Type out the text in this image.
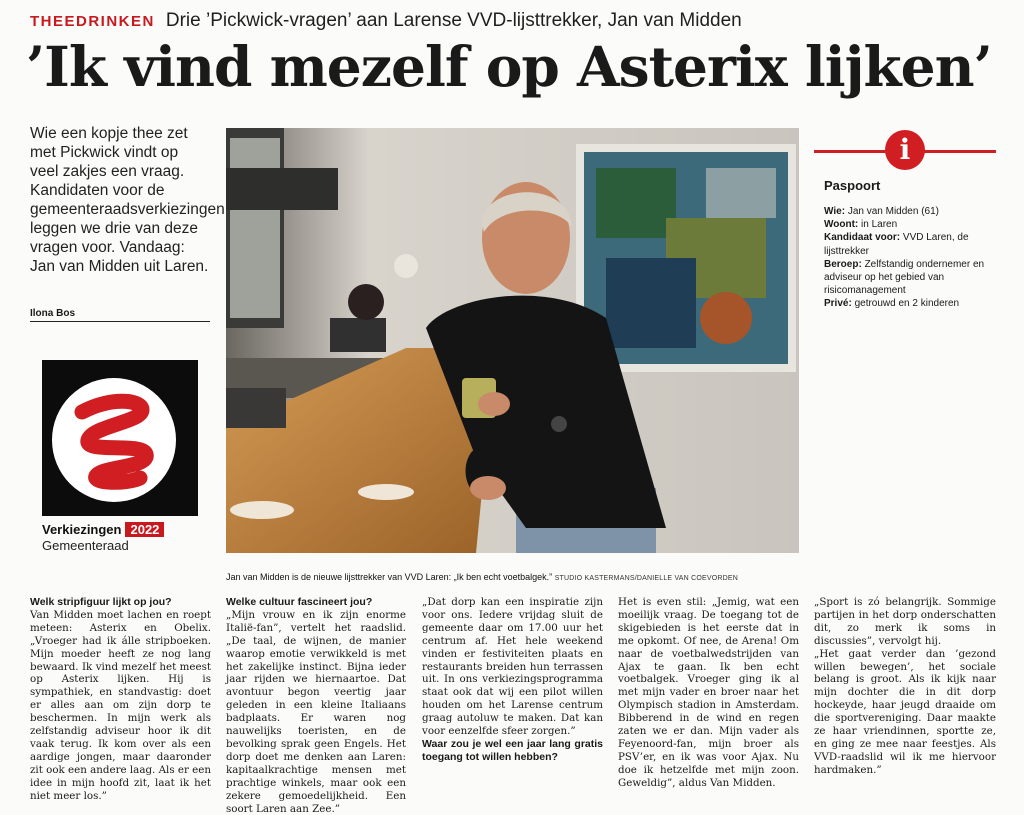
THEEDRINKEN Drie ’Pickwick-vragen’ aan Larense VVD-lijsttrekker, Jan van Midden
’Ik vind mezelf op Asterix lijken’
Wie een kopje thee zet met Pickwick vindt op veel zakjes een vraag. Kandidaten voor de gemeenteraadsverkiezingen leggen we drie van deze vragen voor. Vandaag: Jan van Midden uit Laren.
Ilona Bos
Verkiezingen 2022
Gemeenteraad
Jan van Midden is de nieuwe lijsttrekker van VVD Laren: „Ik ben echt voetbalgek.” STUDIO KASTERMANS/DANIELLE VAN COEVORDEN
i
Paspoort
Wie: Jan van Midden (61)
Woont: in Laren
Kandidaat voor: VVD Laren, de lijsttrekker
Beroep: Zelfstandig ondernemer en adviseur op het gebied van risicomanagement
Privé: getrouwd en 2 kinderen

Welk stripfiguur lijkt op jou?

Van Midden moet lachen en roept meteen: Asterix en Obelix. „Vroeger had ik álle stripboeken. Mijn moeder heeft ze nog lang bewaard. Ik vind mezelf het meest op Asterix lijken. Hij is sympathiek, en standvastig: doet er alles aan om zijn dorp te beschermen. In mijn werk als zelfstandig adviseur hoor ik dit vaak terug. Ik kom over als een aardige jongen, maar daaronder zit ook een andere laag. Als er een idee in mijn hoofd zit, laat ik het niet meer los.”

Welke cultuur fascineert jou?

„Mijn vrouw en ik zijn enorme Italië-fan”, vertelt het raadslid. „De taal, de wijnen, de manier waarop emotie verwikkeld is met het zakelijke instinct. Bijna ieder jaar rijden we hiernaartoe. Dat avontuur begon veertig jaar geleden in een kleine Italiaans badplaats. Er waren nog nauwelijks toeristen, en de bevolking sprak geen Engels. Het dorp doet me denken aan Laren: kapitaalkrachtige mensen met prachtige winkels, maar ook een zekere gemoedelijkheid. Een soort Laren aan Zee.”

„Dat dorp kan een inspiratie zijn voor ons. Iedere vrijdag sluit de gemeente daar om 17.00 uur het centrum af. Het hele weekend vinden er festiviteiten plaats en restaurants breiden hun terrassen uit. In ons verkiezingsprogramma staat ook dat wij een pilot willen houden om het Larense centrum graag autoluw te maken. Dat kan voor eenzelfde sfeer zorgen.”

Waar zou je wel een jaar lang gratis toegang tot willen hebben?

Het is even stil: „Jemig, wat een moeilijk vraag. De toegang tot de skigebieden is het eerste dat in me opkomt. Of nee, de Arena! Om naar de voetbalwedstrijden van Ajax te gaan. Ik ben echt voetbalgek. Vroeger ging ik al met mijn vader en broer naar het Olympisch stadion in Amsterdam. Bibberend in de wind en regen zaten we er dan. Mijn vader als Feyenoord-fan, mijn broer als PSV’er, en ik was voor Ajax. Nu doe ik hetzelfde met mijn zoon. Geweldig”, aldus Van Midden.

„Sport is zó belangrijk. Sommige partijen in het dorp onderschatten dit, zo merk ik soms in discussies”, vervolgt hij.

„Het gaat verder dan ’gezond willen bewegen’, het sociale belang is groot. Als ik kijk naar mijn dochter die in dit dorp hockeyde, haar jeugd draaide om die sportvereniging. Daar maakte ze haar vriendinnen, sportte ze, en ging ze mee naar feestjes. Als VVD-raadslid wil ik me hiervoor hardmaken.”
